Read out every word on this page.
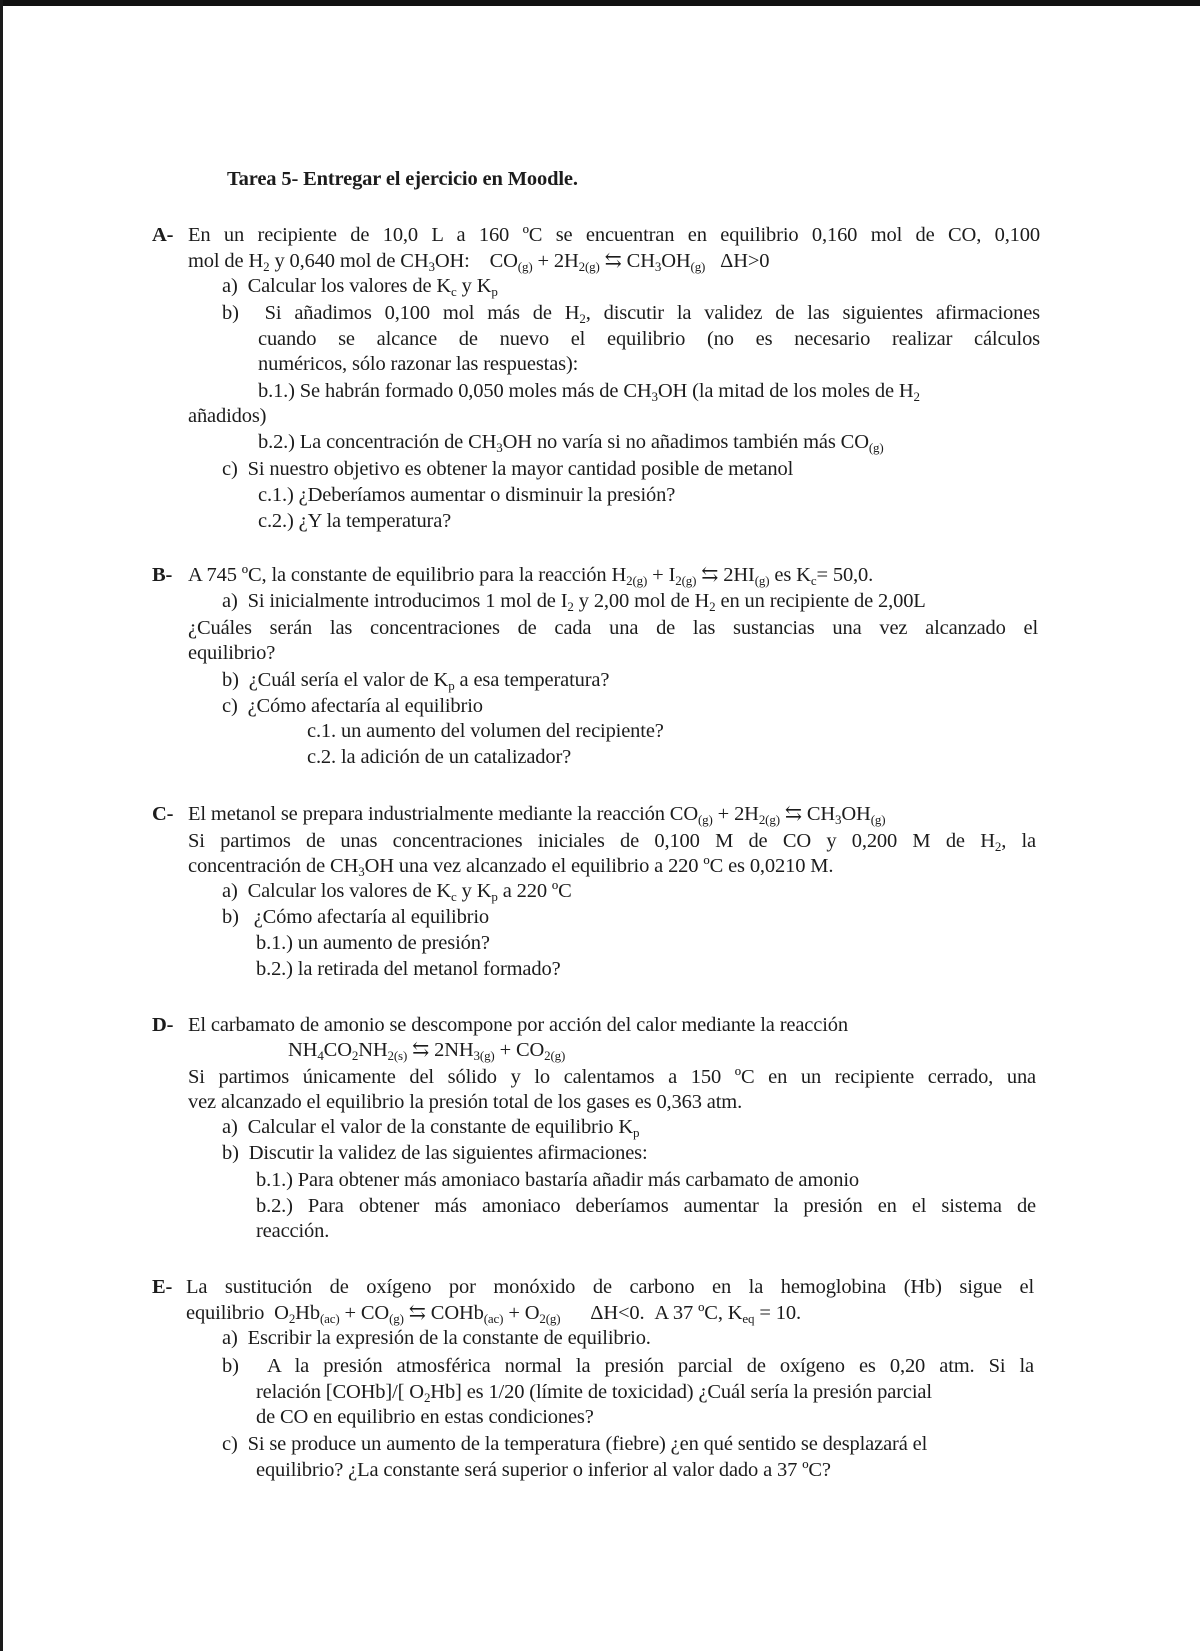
Tarea 5- Entregar el ejercicio en Moodle.
A-
B-
C-
D-
E-
En un recipiente de 10,0 L a 160 ºC se encuentran en equilibrio 0,160 mol de CO, 0,100
mol de $H_2$ y 0,640 mol de $CH_3OH$:    $CO_{(g)} + 2H_{2(g)}$ ⇆ $CH_3OH_{(g)}$   ΔH>0
a)  Calcular los valores de $K_c$ y $K_p$
b)  Si añadimos 0,100 mol más de $H_2$, discutir la validez de las siguientes afirmaciones
cuando se alcance de nuevo el equilibrio (no es necesario realizar cálculos
numéricos, sólo razonar las respuestas):
b.1.) Se habrán formado 0,050 moles más de $CH_3OH$ (la mitad de los moles de $H_2$
añadidos)
b.2.) La concentración de $CH_3OH$ no varía si no añadimos también más $CO_{(g)}$
c)  Si nuestro objetivo es obtener la mayor cantidad posible de metanol
c.1.) ¿Deberíamos aumentar o disminuir la presión?
c.2.) ¿Y la temperatura?
A 745 ºC, la constante de equilibrio para la reacción $H_{2(g)} + I_{2(g)}$ ⇆ $2HI_{(g)}$ es $K_c= 50,0$.
a)  Si inicialmente introducimos 1 mol de $I_2$ y 2,00 mol de $H_2$ en un recipiente de 2,00L
¿Cuáles serán las concentraciones de cada una de las sustancias una vez alcanzado el
equilibrio?
b)  ¿Cuál sería el valor de $K_p$ a esa temperatura?
c)  ¿Cómo afectaría al equilibrio
c.1. un aumento del volumen del recipiente?
c.2. la adición de un catalizador?
El metanol se prepara industrialmente mediante la reacción $CO_{(g)} + 2H_{2(g)}$ ⇆ $CH_3OH_{(g)}$
Si partimos de unas concentraciones iniciales de 0,100 M de CO y 0,200 M de $H_2$, la
concentración de $CH_3OH$ una vez alcanzado el equilibrio a 220 ºC es 0,0210 M.
a)  Calcular los valores de $K_c$ y $K_p$ a 220 ºC
b)   ¿Cómo afectaría al equilibrio
b.1.) un aumento de presión?
b.2.) la retirada del metanol formado?
El carbamato de amonio se descompone por acción del calor mediante la reacción
$NH_4CO_2NH_{2(s)}$ ⇆ $2NH_{3(g)} + CO_{2(g)}$
Si partimos únicamente del sólido y lo calentamos a 150 ºC en un recipiente cerrado, una
vez alcanzado el equilibrio la presión total de los gases es 0,363 atm.
a)  Calcular el valor de la constante de equilibrio $K_p$
b)  Discutir la validez de las siguientes afirmaciones:
b.1.) Para obtener más amoniaco bastaría añadir más carbamato de amonio
b.2.) Para obtener más amoniaco deberíamos aumentar la presión en el sistema de
reacción.
La sustitución de oxígeno por monóxido de carbono en la hemoglobina (Hb) sigue el
equilibrio  $O_2Hb_{(ac)} + CO_{(g)}$ ⇆ COHb$_{(ac)}$ + $O_{2(g)}$      ΔH<0.  A 37 ºC, $K_{eq} = 10$.
a)  Escribir la expresión de la constante de equilibrio.
b)  A la presión atmosférica normal la presión parcial de oxígeno es 0,20 atm. Si la
relación [COHb]/[ $O_2Hb$] es 1/20 (límite de toxicidad) ¿Cuál sería la presión parcial
de CO en equilibrio en estas condiciones?
c)  Si se produce un aumento de la temperatura (fiebre) ¿en qué sentido se desplazará el
equilibrio? ¿La constante será superior o inferior al valor dado a 37 ºC?
